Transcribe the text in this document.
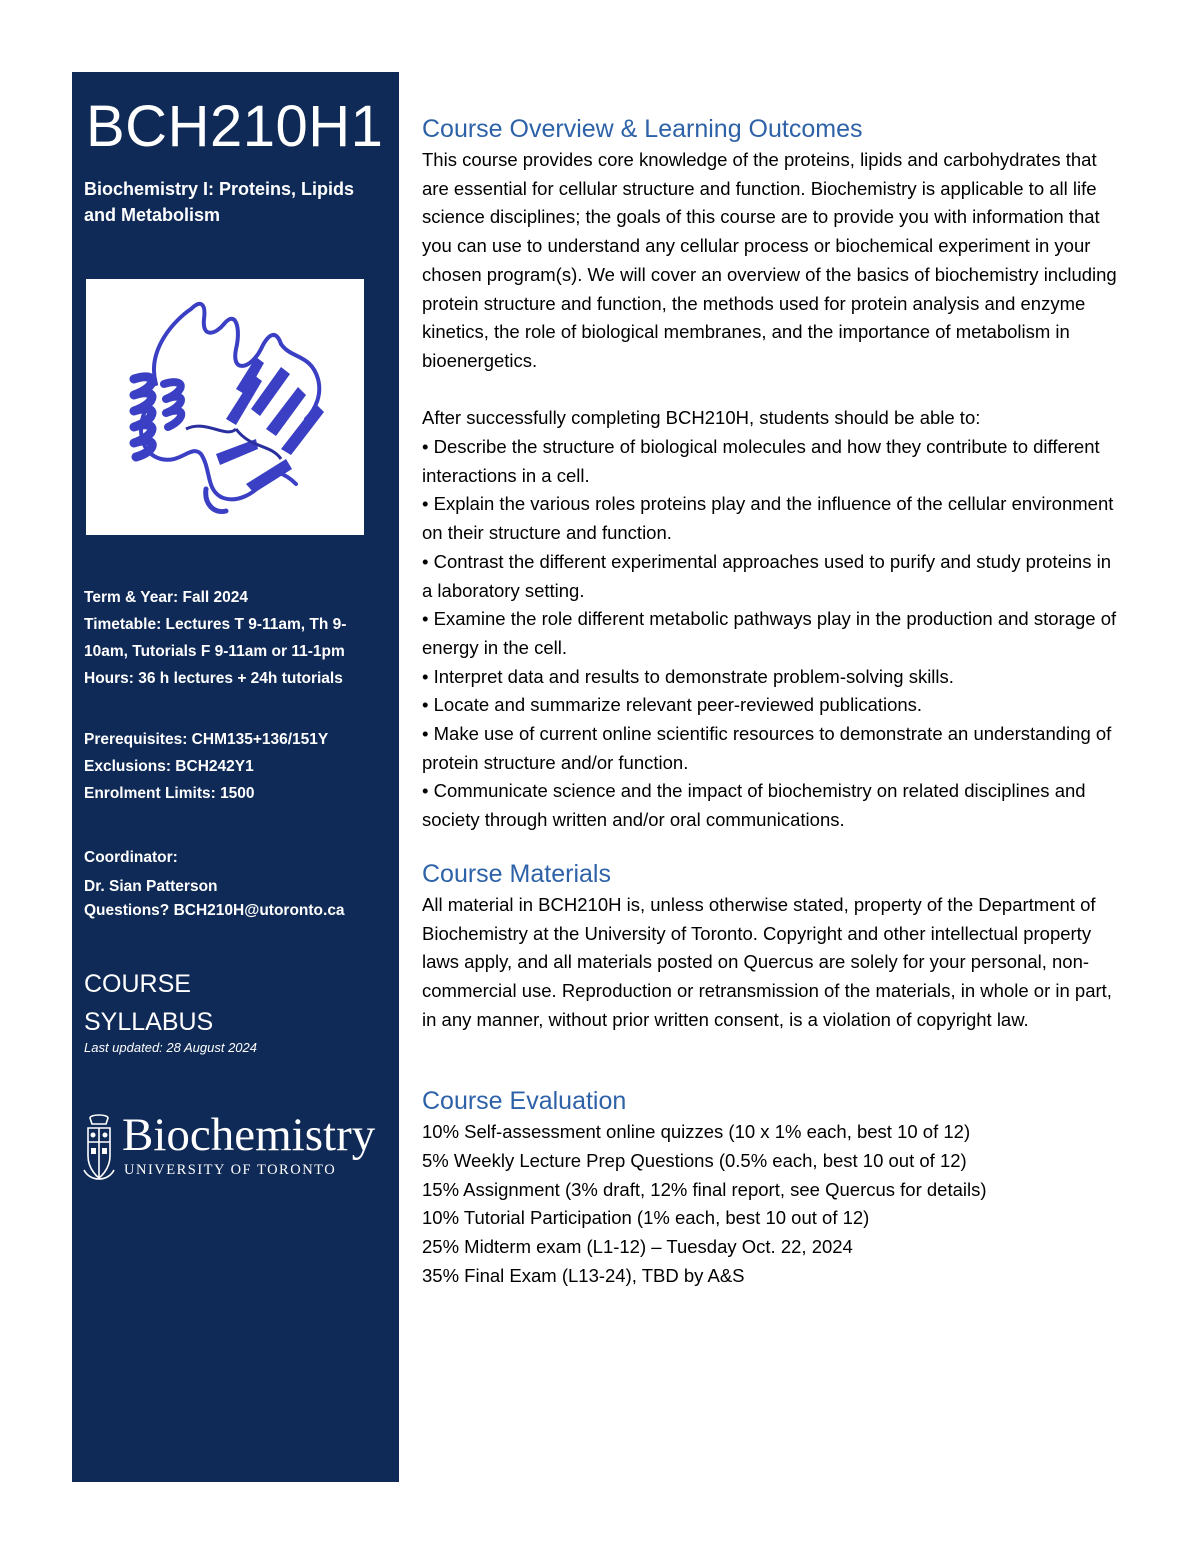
BCH210H1
Biochemistry I: Proteins, Lipids and Metabolism

Term & Year: Fall 2024

Timetable: Lectures T 9-11am, Th 9-10am, Tutorials F 9-11am or 11-1pm

Hours: 36 h lectures + 24h tutorials

Prerequisites: CHM135+136/151Y

Exclusions: BCH242Y1

Enrolment Limits: 1500

Coordinator:

Dr. Sian Patterson

Questions? BCH210H@utoronto.ca

COURSE
SYLLABUS
Last updated: 28 August 2024
Biochemistry
UNIVERSITY OF TORONTO
Course Overview & Learning Outcomes

This course provides core knowledge of the proteins, lipids and carbohydrates that are essential for cellular structure and function. Biochemistry is applicable to all life science disciplines; the goals of this course are to provide you with information that you can use to understand any cellular process or biochemical experiment in your chosen program(s). We will cover an overview of the basics of biochemistry including protein structure and function, the methods used for protein analysis and enzyme kinetics, the role of biological membranes, and the importance of metabolism in bioenergetics.

After successfully completing BCH210H, students should be able to:

• Describe the structure of biological molecules and how they contribute to different interactions in a cell.
• Explain the various roles proteins play and the influence of the cellular environment on their structure and function.
• Contrast the different experimental approaches used to purify and study proteins in a laboratory setting.
• Examine the role different metabolic pathways play in the production and storage of energy in the cell.
• Interpret data and results to demonstrate problem-solving skills.
• Locate and summarize relevant peer-reviewed publications.
• Make use of current online scientific resources to demonstrate an understanding of protein structure and/or function.
• Communicate science and the impact of biochemistry on related disciplines and society through written and/or oral communications.
Course Materials

All material in BCH210H is, unless otherwise stated, property of the Department of Biochemistry at the University of Toronto. Copyright and other intellectual property laws apply, and all materials posted on Quercus are solely for your personal, non-commercial use. Reproduction or retransmission of the materials, in whole or in part, in any manner, without prior written consent, is a violation of copyright law.

Course Evaluation
10% Self-assessment online quizzes (10 x 1% each, best 10 of 12)
5% Weekly Lecture Prep Questions (0.5% each, best 10 out of 12)
15% Assignment (3% draft, 12% final report, see Quercus for details)
10% Tutorial Participation (1% each, best 10 out of 12)
25% Midterm exam (L1-12) – Tuesday Oct. 22, 2024
35% Final Exam (L13-24), TBD by A&S
